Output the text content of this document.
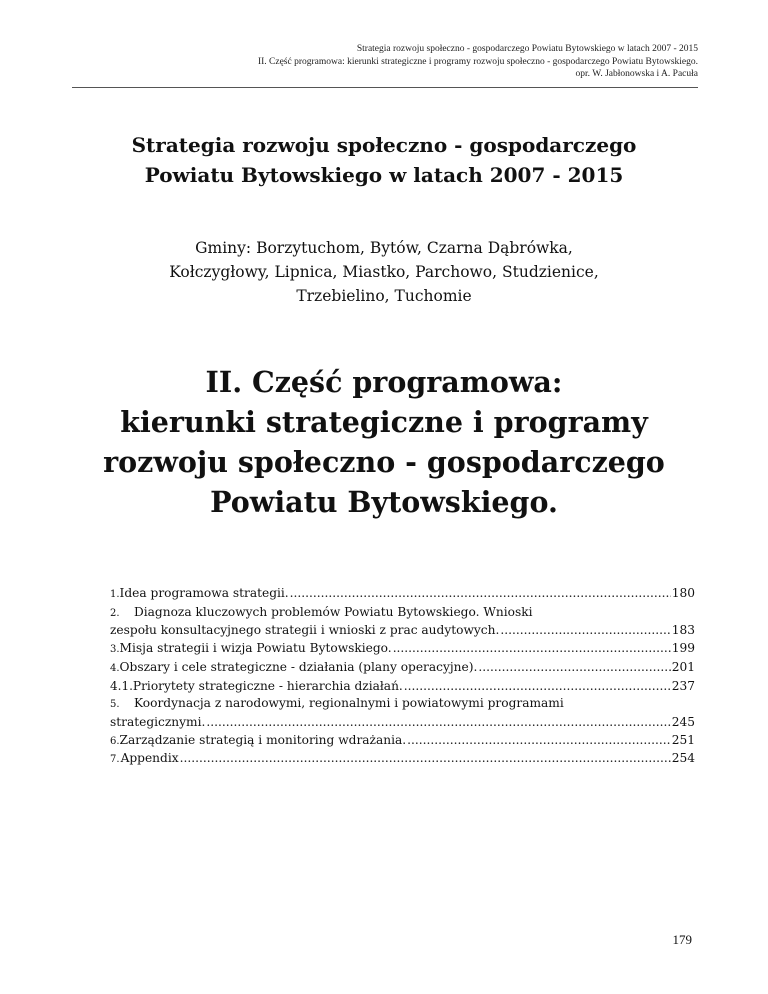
Strategia rozwoju społeczno - gospodarczego Powiatu Bytowskiego w latach 2007 - 2015
II. Część programowa: kierunki strategiczne i programy rozwoju społeczno - gospodarczego Powiatu Bytowskiego.
opr. W. Jabłonowska i A. Pacuła
Strategia rozwoju społeczno - gospodarczego
Powiatu Bytowskiego w latach 2007 - 2015
Gminy: Borzytuchom, Bytów, Czarna Dąbrówka,
Kołczygłowy, Lipnica, Miastko, Parchowo, Studzienice,
Trzebielino, Tuchomie
II. Część programowa:
kierunki strategiczne i programy
rozwoju społeczno - gospodarczego
Powiatu Bytowskiego.
1. Idea programowa strategii. .....	180
2.	Diagnoza kluczowych problemów Powiatu Bytowskiego. Wnioski
zespołu konsultacyjnego strategii i wnioski z prac audytowych. .....	183
3. Misja strategii i wizja Powiatu Bytowskiego. .....	199
4. Obszary i cele strategiczne - działania (plany operacyjne). .....	201
4.1. Priorytety strategiczne - hierarchia działań. .....	237
5.	Koordynacja z narodowymi, regionalnymi i powiatowymi programami
strategicznymi. .....	245
6. Zarządzanie strategią i monitoring wdrażania. .....	251
7. Appendix .....	254
179
